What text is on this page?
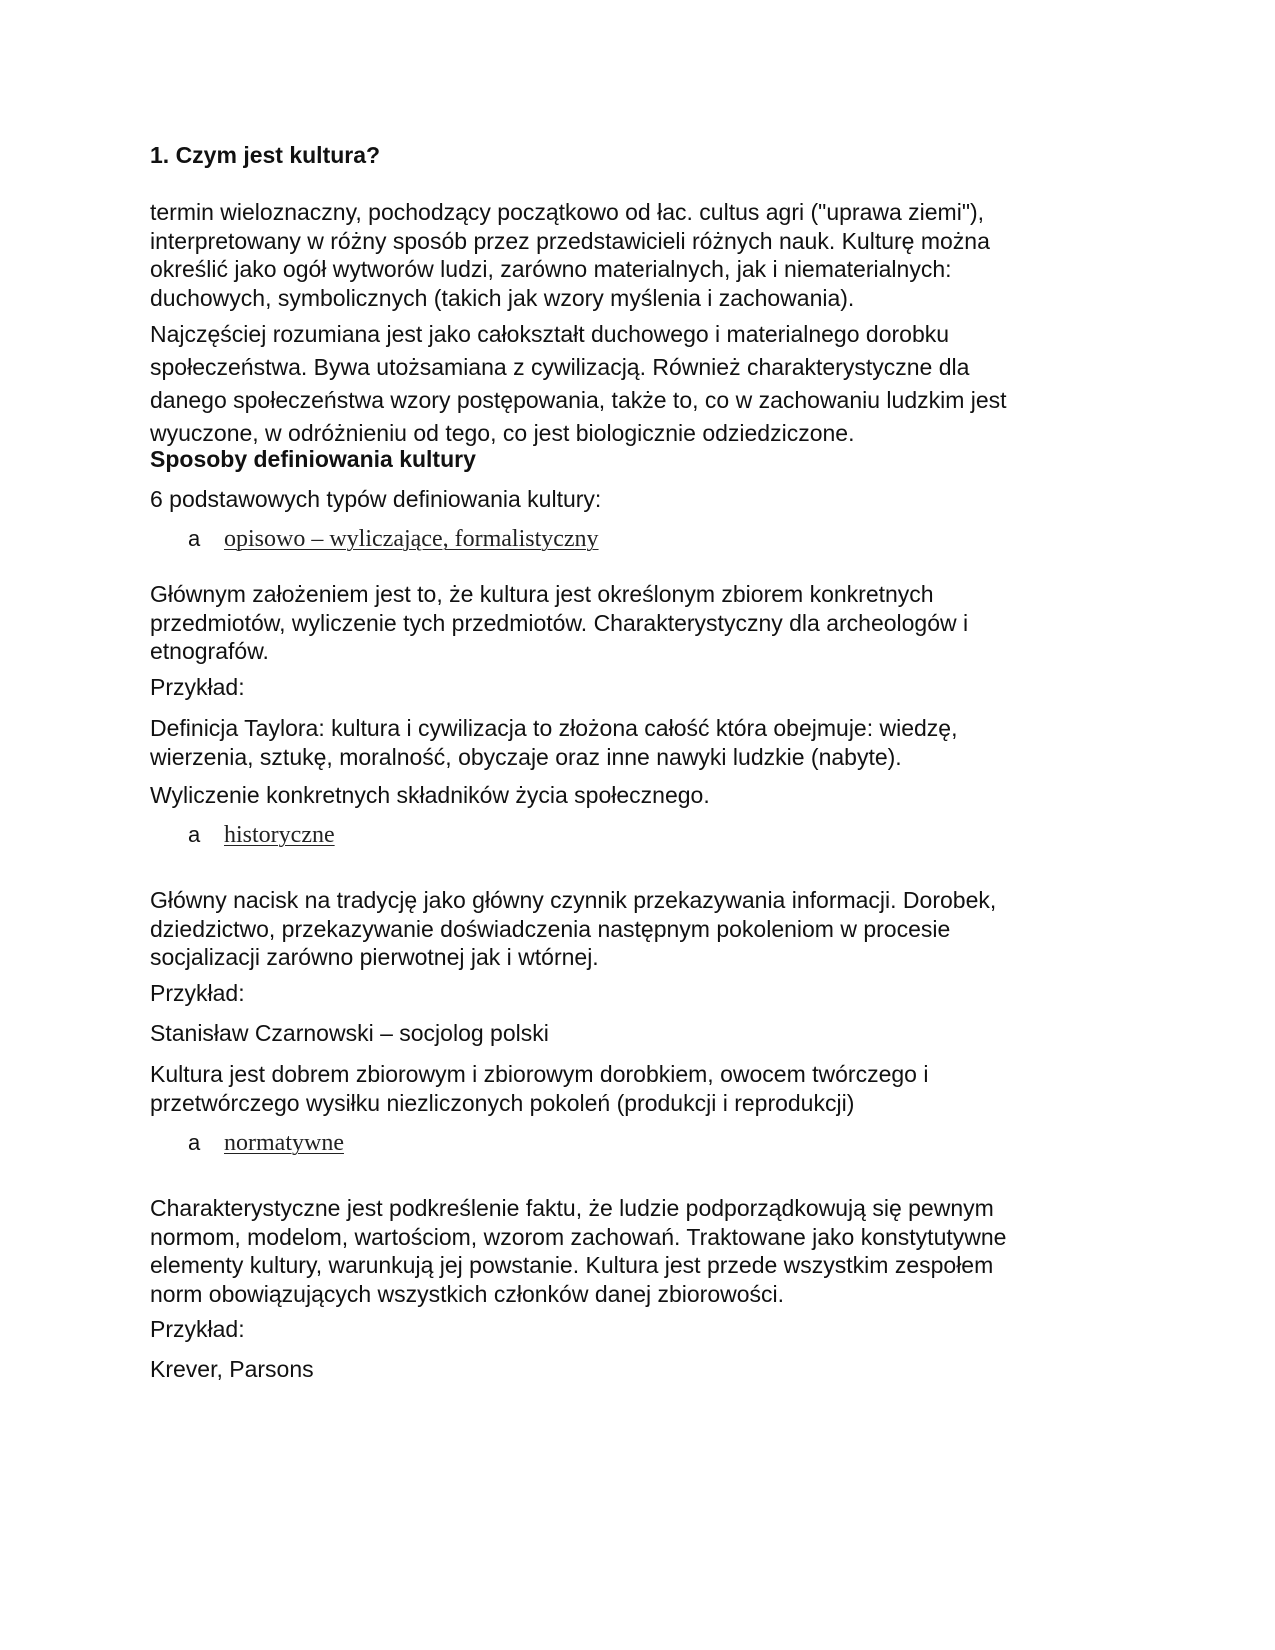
1. Czym jest kultura?
termin wieloznaczny, pochodzący początkowo od łac. cultus agri ("uprawa ziemi"),
interpretowany w różny sposób przez przedstawicieli różnych nauk. Kulturę można
określić jako ogół wytworów ludzi, zarówno materialnych, jak i niematerialnych:
duchowych, symbolicznych (takich jak wzory myślenia i zachowania).
Najczęściej rozumiana jest jako całokształt duchowego i materialnego dorobku
społeczeństwa. Bywa utożsamiana z cywilizacją. Również charakterystyczne dla
danego społeczeństwa wzory postępowania, także to, co w zachowaniu ludzkim jest
wyuczone, w odróżnieniu od tego, co jest biologicznie odziedziczone.
Sposoby definiowania kultury
6 podstawowych typów definiowania kultury:
a opisowo – wyliczające, formalistyczny
Głównym założeniem jest to, że kultura jest określonym zbiorem konkretnych
przedmiotów, wyliczenie tych przedmiotów. Charakterystyczny dla archeologów i
etnografów.
Przykład:
Definicja Taylora: kultura i cywilizacja to złożona całość która obejmuje: wiedzę,
wierzenia, sztukę, moralność, obyczaje oraz inne nawyki ludzkie (nabyte).
Wyliczenie konkretnych składników życia społecznego.
a historyczne
Główny nacisk na tradycję jako główny czynnik przekazywania informacji. Dorobek,
dziedzictwo, przekazywanie doświadczenia następnym pokoleniom w procesie
socjalizacji zarówno pierwotnej jak i wtórnej.
Przykład:
Stanisław Czarnowski – socjolog polski
Kultura jest dobrem zbiorowym i zbiorowym dorobkiem, owocem twórczego i
przetwórczego wysiłku niezliczonych pokoleń (produkcji i reprodukcji)
a normatywne
Charakterystyczne jest podkreślenie faktu, że ludzie podporządkowują się pewnym
normom, modelom, wartościom, wzorom zachowań. Traktowane jako konstytutywne
elementy kultury, warunkują jej powstanie. Kultura jest przede wszystkim zespołem
norm obowiązujących wszystkich członków danej zbiorowości.
Przykład:
Krever, Parsons
